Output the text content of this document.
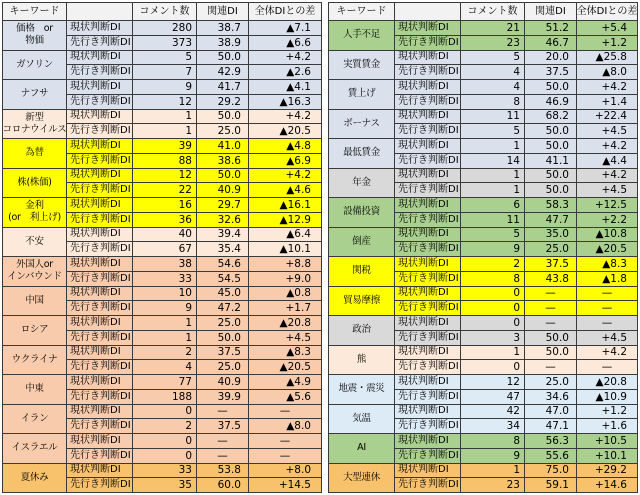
キーワード	コメント数	関連DI	全体DIとの差
価格　or
物価
現状判断DI	280	38.7	▲7.1
先行き判断DI	373	38.9	▲6.6
ガソリン
現状判断DI	5	50.0	+4.2
先行き判断DI	7	42.9	▲2.6
ナフサ
現状判断DI	9	41.7	▲4.1
先行き判断DI	12	29.2	▲16.3
新型
コロナウイルス
現状判断DI	1	50.0	+4.2
先行き判断DI	1	25.0	▲20.5
為替
現状判断DI	39	41.0	▲4.8
先行き判断DI	88	38.6	▲6.9
株(株価)
現状判断DI	12	50.0	+4.2
先行き判断DI	22	40.9	▲4.6
金利
(or　利上げ)
現状判断DI	16	29.7	▲16.1
先行き判断DI	36	32.6	▲12.9
不安
現状判断DI	40	39.4	▲6.4
先行き判断DI	67	35.4	▲10.1
外国人or
インバウンド
現状判断DI	38	54.6	+8.8
先行き判断DI	33	54.5	+9.0
中国
現状判断DI	10	45.0	▲0.8
先行き判断DI	9	47.2	+1.7
ロシア
現状判断DI	1	25.0	▲20.8
先行き判断DI	1	50.0	+4.5
ウクライナ
現状判断DI	2	37.5	▲8.3
先行き判断DI	4	25.0	▲20.5
中東
現状判断DI	77	40.9	▲4.9
先行き判断DI	188	39.9	▲5.6
イラン
現状判断DI	0	—	—
先行き判断DI	2	37.5	▲8.0
イスラエル
現状判断DI	0	—	—
先行き判断DI	0	—	—
夏休み
現状判断DI	33	53.8	+8.0
先行き判断DI	35	60.0	+14.5
キーワード	コメント数	関連DI	全体DIとの差
人手不足
現状判断DI	21	51.2	+5.4
先行き判断DI	23	46.7	+1.2
実質賃金
現状判断DI	5	20.0	▲25.8
先行き判断DI	4	37.5	▲8.0
賃上げ
現状判断DI	4	50.0	+4.2
先行き判断DI	8	46.9	+1.4
ボーナス
現状判断DI	11	68.2	+22.4
先行き判断DI	5	50.0	+4.5
最低賃金
現状判断DI	1	50.0	+4.2
先行き判断DI	14	41.1	▲4.4
年金
現状判断DI	1	50.0	+4.2
先行き判断DI	1	50.0	+4.5
設備投資
現状判断DI	6	58.3	+12.5
先行き判断DI	11	47.7	+2.2
倒産
現状判断DI	5	35.0	▲10.8
先行き判断DI	9	25.0	▲20.5
関税
現状判断DI	2	37.5	▲8.3
先行き判断DI	8	43.8	▲1.8
貿易摩擦
現状判断DI	0	—	—
先行き判断DI	0	—	—
政治
現状判断DI	0	—	—
先行き判断DI	3	50.0	+4.5
熊
現状判断DI	1	50.0	+4.2
先行き判断DI	0	—	—
地震・震災
現状判断DI	12	25.0	▲20.8
先行き判断DI	47	34.6	▲10.9
気温
現状判断DI	42	47.0	+1.2
先行き判断DI	34	47.1	+1.6
AI
現状判断DI	8	56.3	+10.5
先行き判断DI	9	55.6	+10.1
大型連休
現状判断DI	1	75.0	+29.2
先行き判断DI	23	59.1	+14.6
